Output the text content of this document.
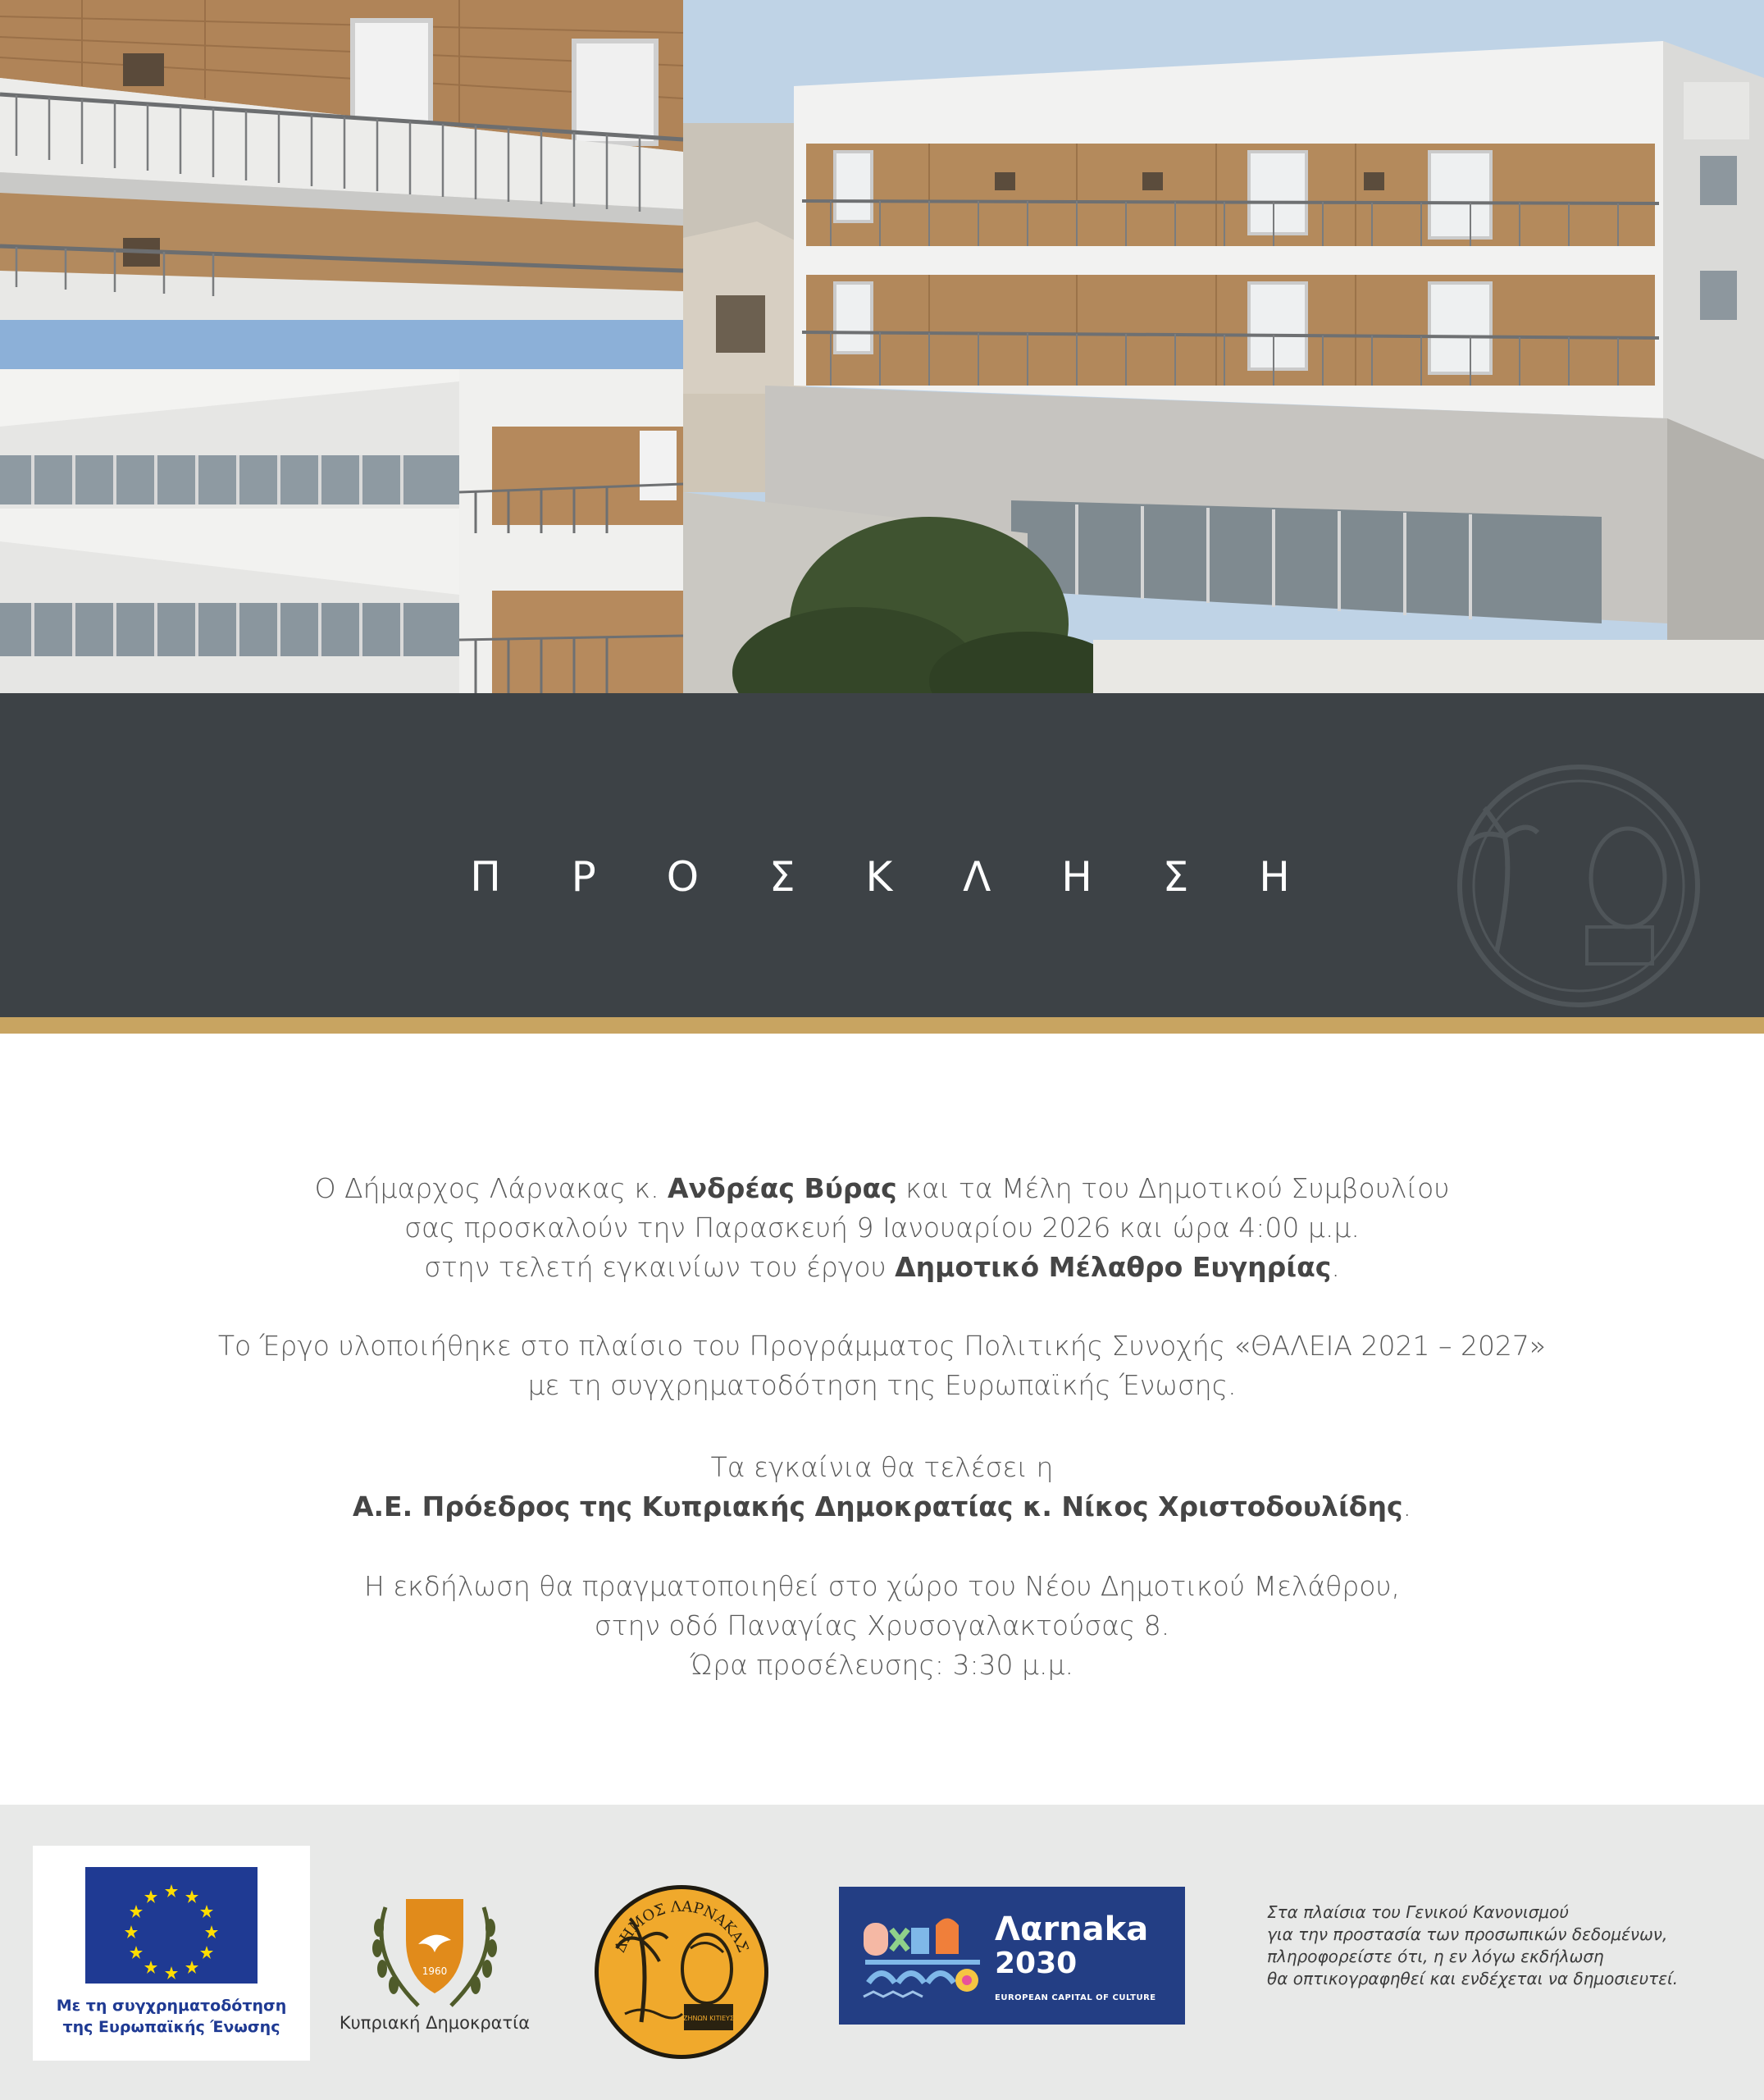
Π Ρ Ο Σ Κ Λ Η Σ Η

Ο Δήμαρχος Λάρνακας κ. Ανδρέας Βύρας και τα Μέλη του Δημοτικού Συμβουλίου

σας προσκαλούν την Παρασκευή 9 Ιανουαρίου 2026 και ώρα 4:00 μ.μ.

στην τελετή εγκαινίων του έργου Δημοτικό Μέλαθρο Ευγηρίας.

Το Έργο υλοποιήθηκε στο πλαίσιο του Προγράμματος Πολιτικής Συνοχής «ΘΑΛΕΙΑ 2021 – 2027»

με τη συγχρηματοδότηση της Ευρωπαϊκής Ένωσης.

Τα εγκαίνια θα τελέσει η

Α.Ε. Πρόεδρος της Κυπριακής Δημοκρατίας κ. Νίκος Χριστοδουλίδης.

Η εκδήλωση θα πραγματοποιηθεί στο χώρο του Νέου Δημοτικού Μελάθρου,

στην οδό Παναγίας Χρυσογαλακτούσας 8.

Ώρα προσέλευσης: 3:30 μ.μ.

Με τη συγχρηματοδότηση
της Ευρωπαϊκής Ένωσης
1960
Κυπριακή Δημοκρατία
ΔΗΜΟΣ ΛΑΡΝΑΚΑΣ
ΖΗΝΩΝ ΚΙΤΙΕΥΣ
Λαrnaka
2030
EUROPEAN CAPITAL OF CULTURE

Στα πλαίσια του Γενικού Κανονισμού

για την προστασία των προσωπικών δεδομένων,

πληροφορείστε ότι, η εν λόγω εκδήλωση

θα οπτικογραφηθεί και ενδέχεται να δημοσιευτεί.
